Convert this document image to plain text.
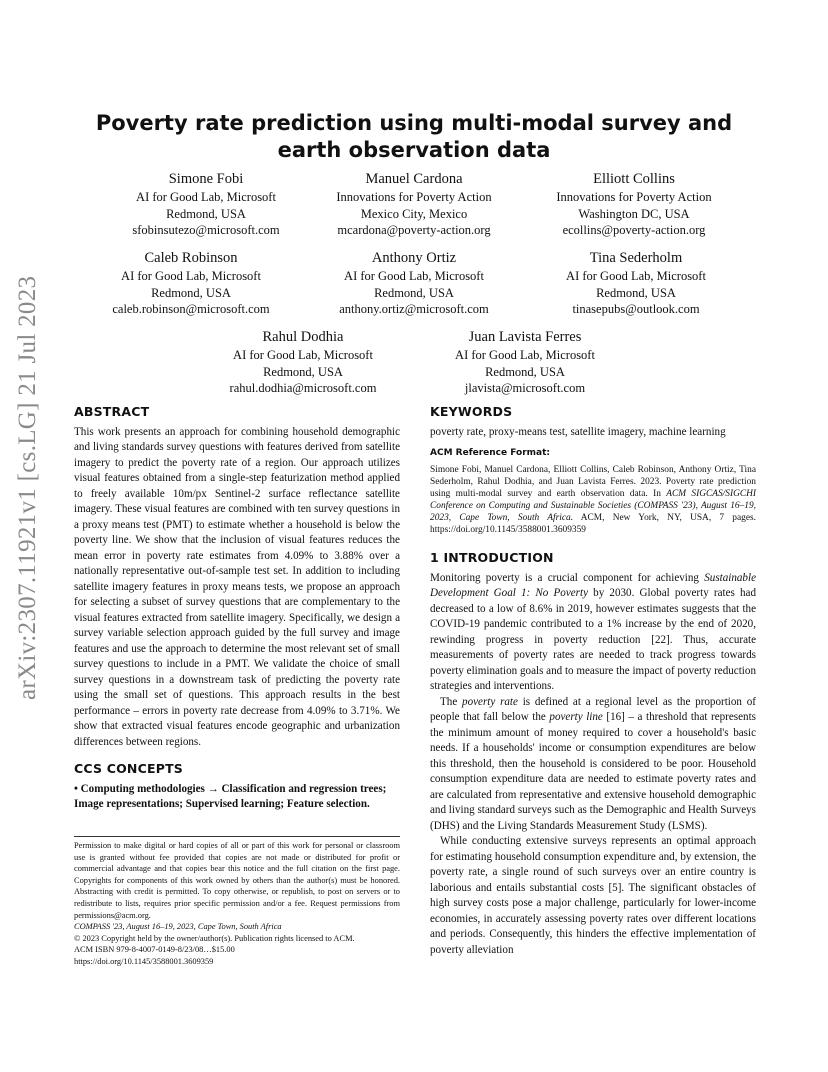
arXiv:2307.11921v1 [cs.LG] 21 Jul 2023
Poverty rate prediction using multi-modal survey and earth observation data
Simone Fobi
AI for Good Lab, Microsoft
Redmond, USA
sfobinsutezo@microsoft.com
Manuel Cardona
Innovations for Poverty Action
Mexico City, Mexico
mcardona@poverty-action.org
Elliott Collins
Innovations for Poverty Action
Washington DC, USA
ecollins@poverty-action.org
Caleb Robinson
AI for Good Lab, Microsoft
Redmond, USA
caleb.robinson@microsoft.com
Anthony Ortiz
AI for Good Lab, Microsoft
Redmond, USA
anthony.ortiz@microsoft.com
Tina Sederholm
AI for Good Lab, Microsoft
Redmond, USA
tinasepubs@outlook.com
Rahul Dodhia
AI for Good Lab, Microsoft
Redmond, USA
rahul.dodhia@microsoft.com
Juan Lavista Ferres
AI for Good Lab, Microsoft
Redmond, USA
jlavista@microsoft.com
ABSTRACT

This work presents an approach for combining household demographic and living standards survey questions with features derived from satellite imagery to predict the poverty rate of a region. Our approach utilizes visual features obtained from a single-step featurization method applied to freely available 10m/px Sentinel-2 surface reflectance satellite imagery. These visual features are combined with ten survey questions in a proxy means test (PMT) to estimate whether a household is below the poverty line. We show that the inclusion of visual features reduces the mean error in poverty rate estimates from 4.09% to 3.88% over a nationally representative out-of-sample test set. In addition to including satellite imagery features in proxy means tests, we propose an approach for selecting a subset of survey questions that are complementary to the visual features extracted from satellite imagery. Specifically, we design a survey variable selection approach guided by the full survey and image features and use the approach to determine the most relevant set of small survey questions to include in a PMT. We validate the choice of small survey questions in a downstream task of predicting the poverty rate using the small set of questions. This approach results in the best performance – errors in poverty rate decrease from 4.09% to 3.71%. We show that extracted visual features encode geographic and urbanization differences between regions.

CCS CONCEPTS

• Computing methodologies → Classification and regression trees; Image representations; Supervised learning; Feature selection.

Permission to make digital or hard copies of all or part of this work for personal or classroom use is granted without fee provided that copies are not made or distributed for profit or commercial advantage and that copies bear this notice and the full citation on the first page. Copyrights for components of this work owned by others than the author(s) must be honored. Abstracting with credit is permitted. To copy otherwise, or republish, to post on servers or to redistribute to lists, requires prior specific permission and/or a fee. Request permissions from permissions@acm.org.
COMPASS '23, August 16–19, 2023, Cape Town, South Africa
© 2023 Copyright held by the owner/author(s). Publication rights licensed to ACM.
ACM ISBN 979-8-4007-0149-8/23/08…$15.00
https://doi.org/10.1145/3588001.3609359
KEYWORDS

poverty rate, proxy-means test, satellite imagery, machine learning

ACM Reference Format:

Simone Fobi, Manuel Cardona, Elliott Collins, Caleb Robinson, Anthony Ortiz, Tina Sederholm, Rahul Dodhia, and Juan Lavista Ferres. 2023. Poverty rate prediction using multi-modal survey and earth observation data. In ACM SIGCAS/SIGCHI Conference on Computing and Sustainable Societies (COMPASS '23), August 16–19, 2023, Cape Town, South Africa. ACM, New York, NY, USA, 7 pages. https://doi.org/10.1145/3588001.3609359

1 INTRODUCTION

Monitoring poverty is a crucial component for achieving Sustainable Development Goal 1: No Poverty by 2030. Global poverty rates had decreased to a low of 8.6% in 2019, however estimates suggests that the COVID-19 pandemic contributed to a 1% increase by the end of 2020, rewinding progress in poverty reduction [22]. Thus, accurate measurements of poverty rates are needed to track progress towards poverty elimination goals and to measure the impact of poverty reduction strategies and interventions.

The poverty rate is defined at a regional level as the proportion of people that fall below the poverty line [16] – a threshold that represents the minimum amount of money required to cover a household's basic needs. If a households' income or consumption expenditures are below this threshold, then the household is considered to be poor. Household consumption expenditure data are needed to estimate poverty rates and are calculated from representative and extensive household demographic and living standard surveys such as the Demographic and Health Surveys (DHS) and the Living Standards Measurement Study (LSMS).

While conducting extensive surveys represents an optimal approach for estimating household consumption expenditure and, by extension, the poverty rate, a single round of such surveys over an entire country is laborious and entails substantial costs [5]. The significant obstacles of high survey costs pose a major challenge, particularly for lower-income economies, in accurately assessing poverty rates over different locations and periods. Consequently, this hinders the effective implementation of poverty alleviation
